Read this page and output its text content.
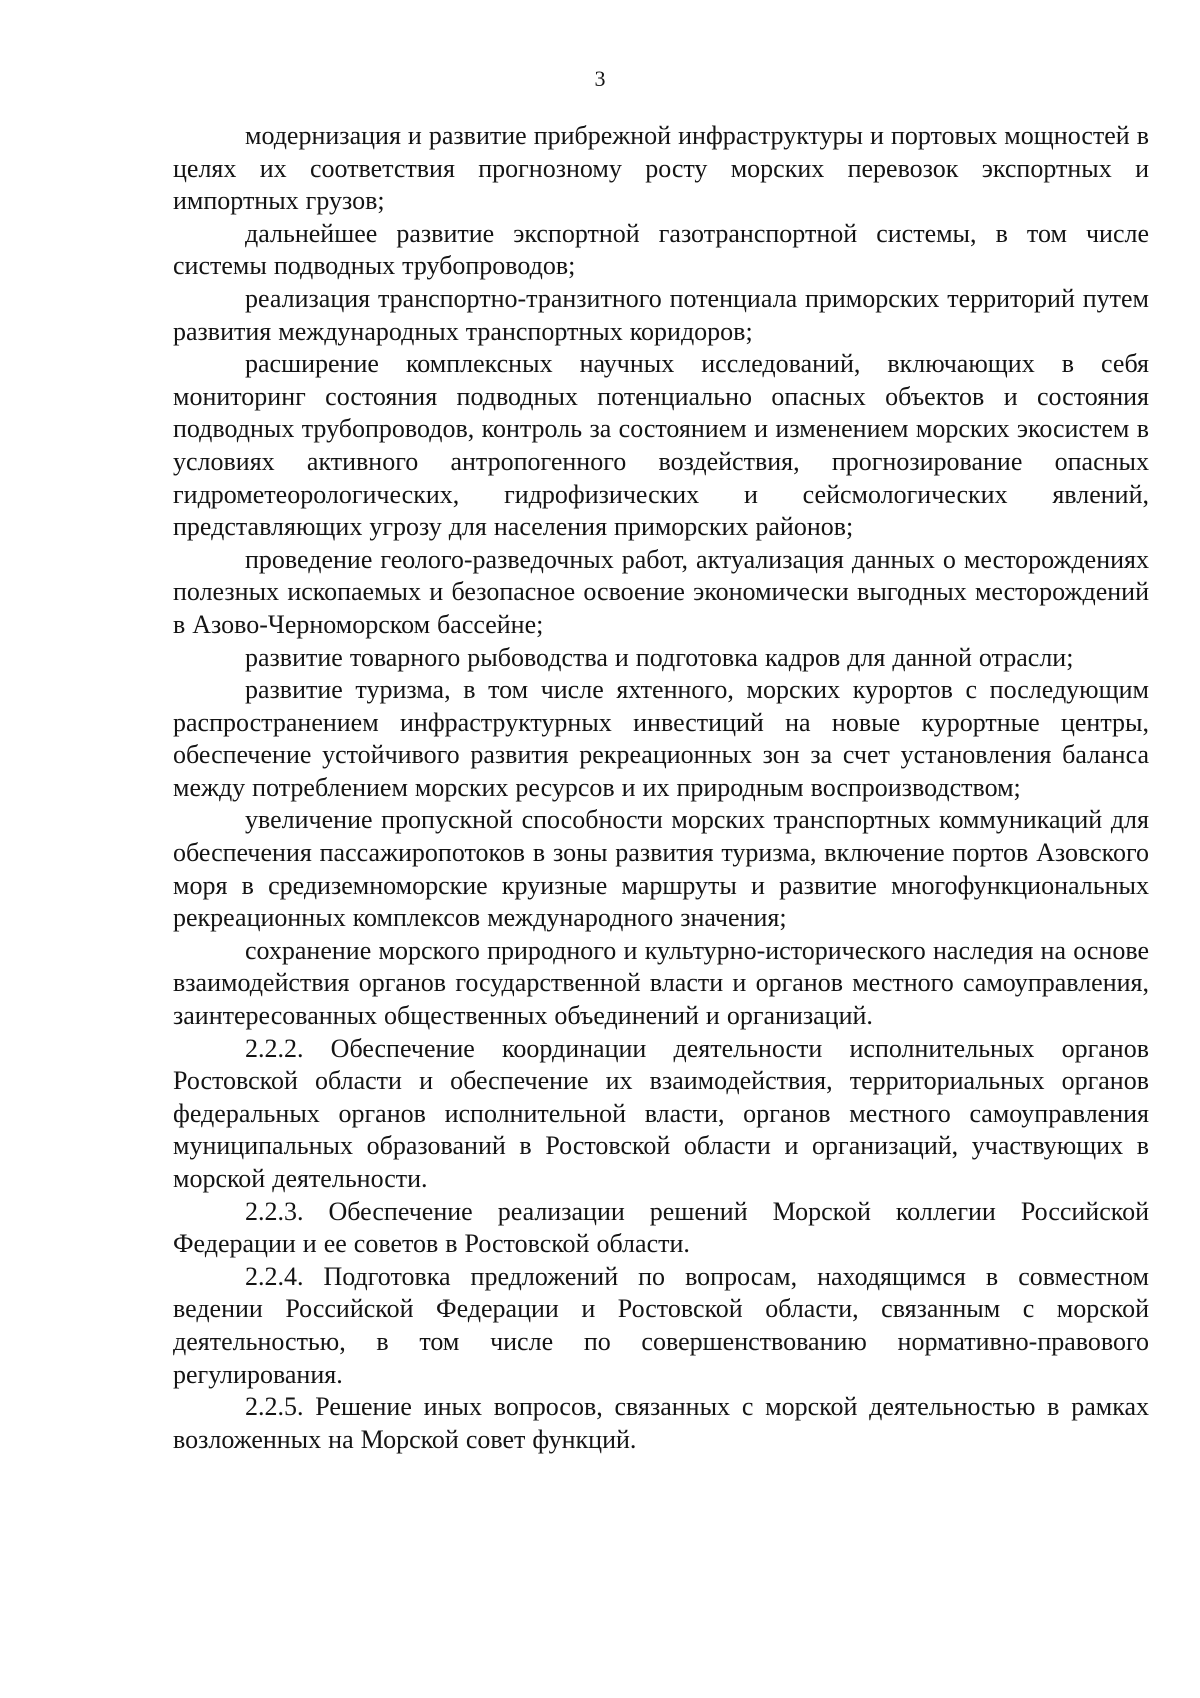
3

модернизация и развитие прибрежной инфраструктуры и портовых мощностей в целях их соответствия прогнозному росту морских перевозок экспортных и импортных грузов;

дальнейшее развитие экспортной газотранспортной системы, в том числе системы подводных трубопроводов;

реализация транспортно-транзитного потенциала приморских территорий путем развития международных транспортных коридоров;

расширение комплексных научных исследований, включающих в себя мониторинг состояния подводных потенциально опасных объектов и состояния подводных трубопроводов, контроль за состоянием и изменением морских экосистем в условиях активного антропогенного воздействия, прогнозирование опасных гидрометеорологических, гидрофизических и сейсмологических явлений, представляющих угрозу для населения приморских районов;

проведение геолого-разведочных работ, актуализация данных о месторождениях полезных ископаемых и безопасное освоение экономически выгодных месторождений в Азово-Черноморском бассейне;

развитие товарного рыбоводства и подготовка кадров для данной отрасли;

развитие туризма, в том числе яхтенного, морских курортов с последующим распространением инфраструктурных инвестиций на новые курортные центры, обеспечение устойчивого развития рекреационных зон за счет установления баланса между потреблением морских ресурсов и их природным воспроизводством;

увеличение пропускной способности морских транспортных коммуникаций для обеспечения пассажиропотоков в зоны развития туризма, включение портов Азовского моря в средиземноморские круизные маршруты и развитие многофункциональных рекреационных комплексов международного значения;

сохранение морского природного и культурно-исторического наследия на основе взаимодействия органов государственной власти и органов местного самоуправления, заинтересованных общественных объединений и организаций.

2.2.2. Обеспечение координации деятельности исполнительных органов Ростовской области и обеспечение их взаимодействия, территориальных органов федеральных органов исполнительной власти, органов местного самоуправления муниципальных образований в Ростовской области и организаций, участвующих в морской деятельности.

2.2.3. Обеспечение реализации решений Морской коллегии Российской Федерации и ее советов в Ростовской области.

2.2.4. Подготовка предложений по вопросам, находящимся в совместном ведении Российской Федерации и Ростовской области, связанным с морской деятельностью, в том числе по совершенствованию нормативно-правового регулирования.

2.2.5. Решение иных вопросов, связанных с морской деятельностью в рамках возложенных на Морской совет функций.
